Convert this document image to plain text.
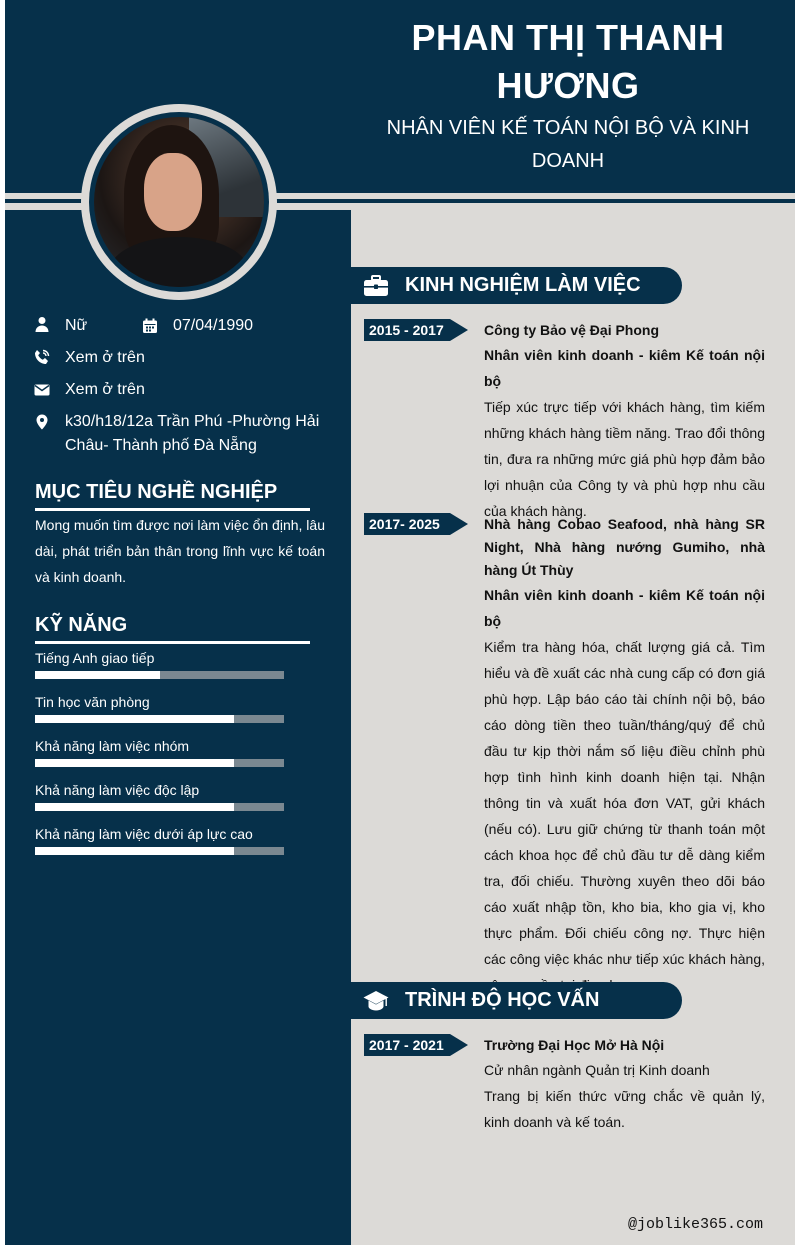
PHAN THỊ THANH HƯƠNG
NHÂN VIÊN KẾ TOÁN NỘI BỘ VÀ KINH DOANH
Nữ	07/04/1990
Xem ở trên
Xem ở trên
k30/h18/12a Trần Phú -Phường Hải Châu- Thành phố Đà Nẵng
MỤC TIÊU NGHỀ NGHIỆP
Mong muốn tìm được nơi làm việc ổn định, lâu dài, phát triển bản thân trong lĩnh vực kế toán và kinh doanh.
KỸ NĂNG
Tiếng Anh giao tiếp
Tin học văn phòng
Khả năng làm việc nhóm
Khả năng làm việc độc lập
Khả năng làm việc dưới áp lực cao
KINH NGHIỆM LÀM VIỆC
2015 - 2017	Công ty Bảo vệ Đại Phong
Nhân viên kinh doanh - kiêm Kế toán nội bộ
Tiếp xúc trực tiếp với khách hàng, tìm kiếm những khách hàng tiềm năng. Trao đổi thông tin, đưa ra những mức giá phù hợp đảm bảo lợi nhuận của Công ty và phù hợp nhu cầu của khách hàng.
2017- 2025	Nhà hàng Cobao Seafood, nhà hàng SR Night, Nhà hàng nướng Gumiho, nhà hàng Út Thùy
Nhân viên kinh doanh - kiêm Kế toán nội bộ
Kiểm tra hàng hóa, chất lượng giá cả. Tìm hiểu và đề xuất các nhà cung cấp có đơn giá phù hợp. Lập báo cáo tài chính nội bộ, báo cáo dòng tiền theo tuần/tháng/quý để chủ đầu tư kịp thời nắm số liệu điều chỉnh phù hợp tình hình kinh doanh hiện tại. Nhận thông tin và xuất hóa đơn VAT, gửi khách (nếu có). Lưu giữ chứng từ thanh toán một cách khoa học để chủ đầu tư dễ dàng kiểm tra, đối chiếu. Thường xuyên theo dõi báo cáo xuất nhập tồn, kho bia, kho gia vị, kho thực phẩm. Đối chiếu công nợ. Thực hiện các công việc khác như tiếp xúc khách hàng,
TRÌNH ĐỘ HỌC VẤN
2017 - 2021	Trường Đại Học Mở Hà Nội
Cử nhân ngành Quản trị Kinh doanh
Trang bị kiến thức vững chắc về quản lý, kinh doanh và kế toán.
@joblike365.com
